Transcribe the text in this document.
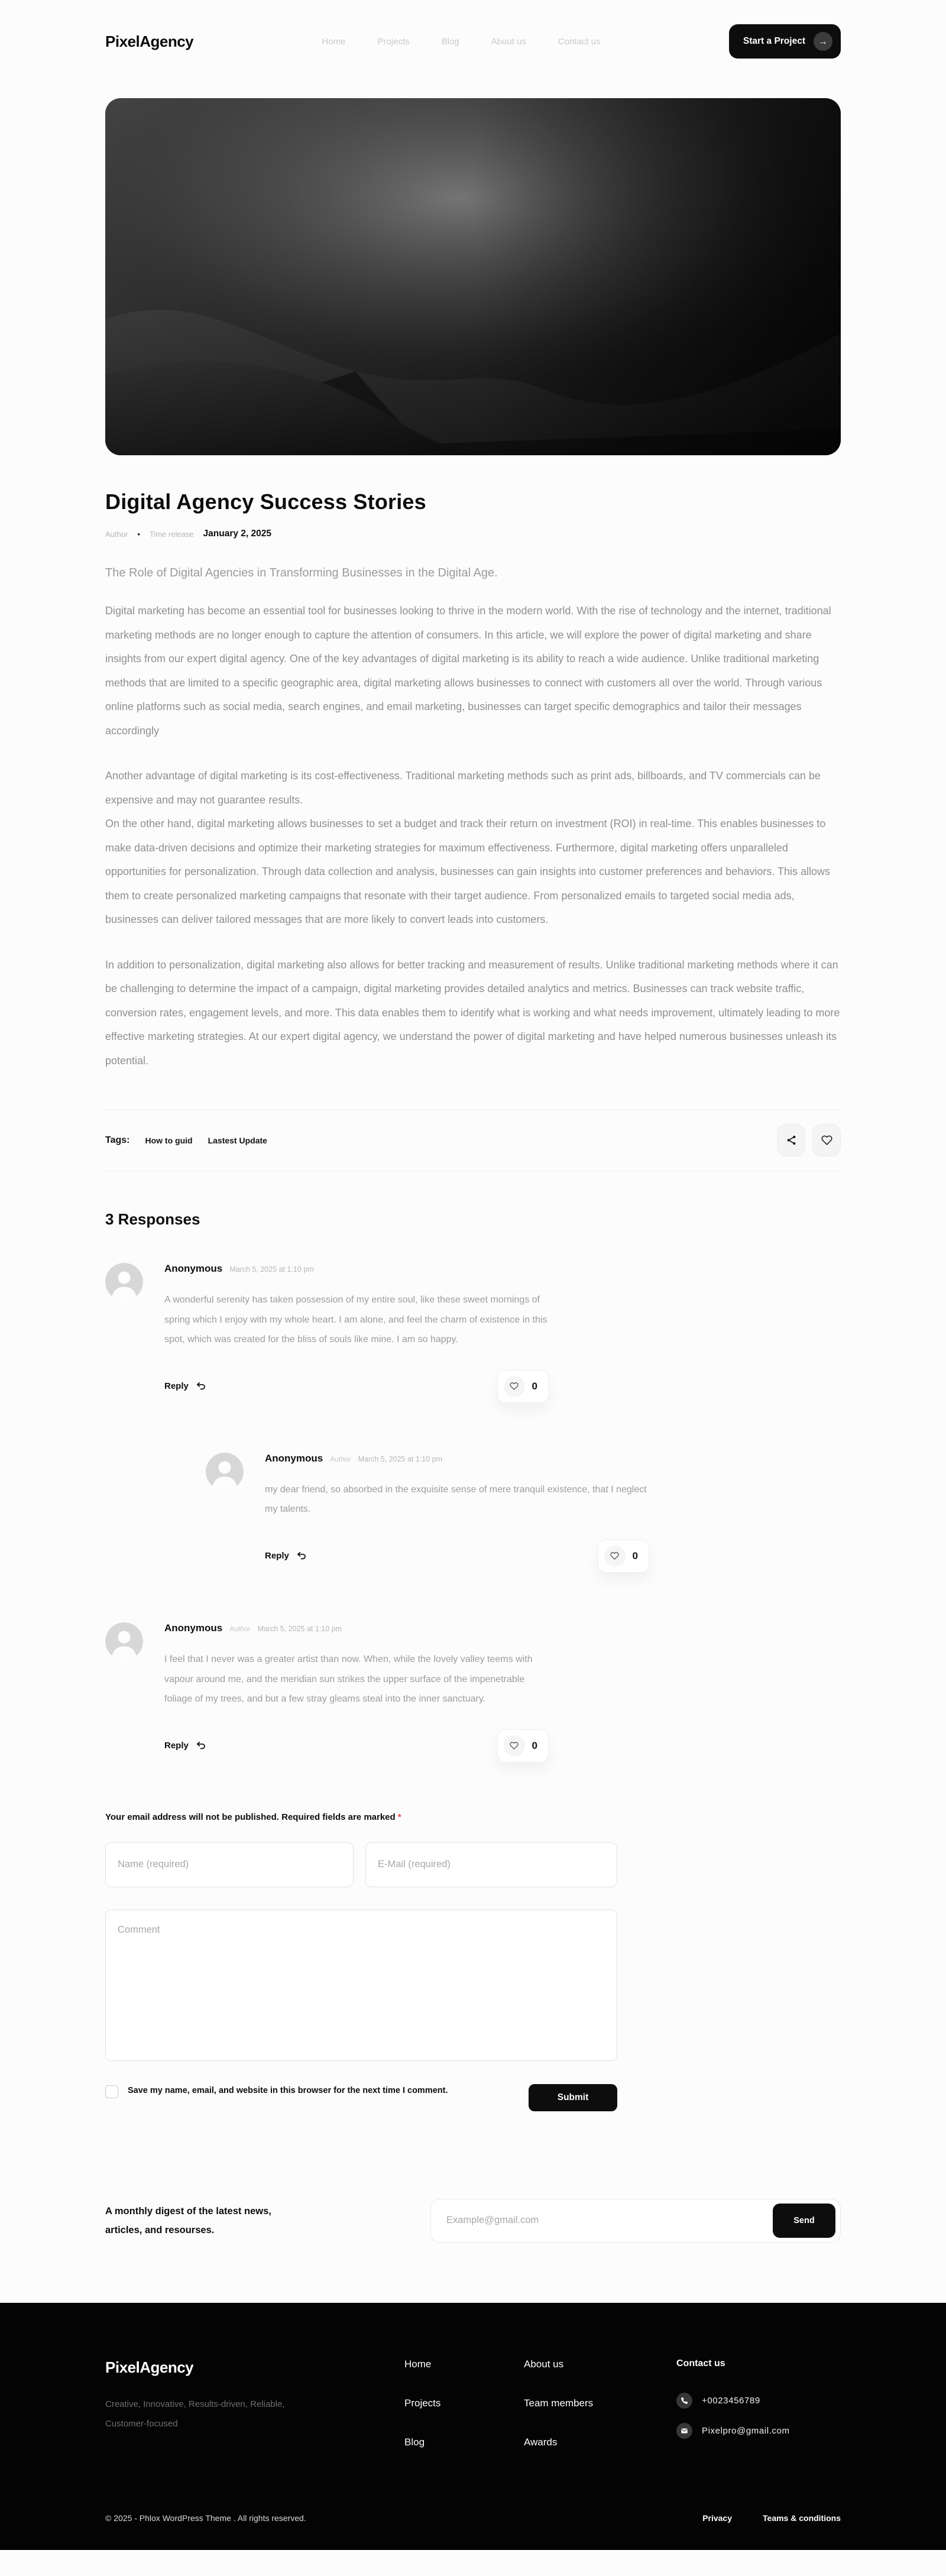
PixelAgency	Home	Projects	Blog	About us	Contact us	Start a Project	→
Digital Agency Success Stories
Author • Time release January 2, 2025

The Role of Digital Agencies in Transforming Businesses in the Digital Age.

Digital marketing has become an essential tool for businesses looking to thrive in the modern world. With the rise of technology and the internet, traditional marketing methods are no longer enough to capture the attention of consumers. In this article, we will explore the power of digital marketing and share insights from our expert digital agency. One of the key advantages of digital marketing is its ability to reach a wide audience. Unlike traditional marketing methods that are limited to a specific geographic area, digital marketing allows businesses to connect with customers all over the world. Through various online platforms such as social media, search engines, and email marketing, businesses can target specific demographics and tailor their messages accordingly

Another advantage of digital marketing is its cost-effectiveness. Traditional marketing methods such as print ads, billboards, and TV commercials can be expensive and may not guarantee results.

On the other hand, digital marketing allows businesses to set a budget and track their return on investment (ROI) in real-time. This enables businesses to make data-driven decisions and optimize their marketing strategies for maximum effectiveness. Furthermore, digital marketing offers unparalleled opportunities for personalization. Through data collection and analysis, businesses can gain insights into customer preferences and behaviors. This allows them to create personalized marketing campaigns that resonate with their target audience. From personalized emails to targeted social media ads, businesses can deliver tailored messages that are more likely to convert leads into customers.

In addition to personalization, digital marketing also allows for better tracking and measurement of results. Unlike traditional marketing methods where it can be challenging to determine the impact of a campaign, digital marketing provides detailed analytics and metrics. Businesses can track website traffic, conversion rates, engagement levels, and more. This data enables them to identify what is working and what needs improvement, ultimately leading to more effective marketing strategies. At our expert digital agency, we understand the power of digital marketing and have helped numerous businesses unleash its potential.

Tags: How to guid Lastest Update
3 Responses
Anonymous March 5, 2025 at 1:10 pm

A wonderful serenity has taken possession of my entire soul, like these sweet mornings of spring which I enjoy with my whole heart. I am alone, and feel the charm of existence in this spot, which was created for the bliss of souls like mine. I am so happy.

Reply	0
Anonymous Author March 5, 2025 at 1:10 pm

my dear friend, so absorbed in the exquisite sense of mere tranquil existence, that I neglect my talents.

Reply	0
Anonymous Author March 5, 2025 at 1:10 pm

I feel that I never was a greater artist than now. When, while the lovely valley teems with vapour around me, and the meridian sun strikes the upper surface of the impenetrable foliage of my trees, and but a few stray gleams steal into the inner sanctuary.

Reply	0

Your email address will not be published. Required fields are marked *

Name (required)
E-Mail (required)
Comment
Save my name, email, and website in this browser for the next time I comment.
Submit

A monthly digest of the latest news, articles, and resourses.

Example@gmail.com
Send
PixelAgency

Creative, Innovative, Results-driven, Reliable, Customer-focused

Home
Projects
Blog
About us
Team members
Awards
Contact us
+0023456789
Pixelpro@gmail.com
© 2025 - Phlox WordPress Theme . All rights reserved.	Privacy	Teams & conditions
